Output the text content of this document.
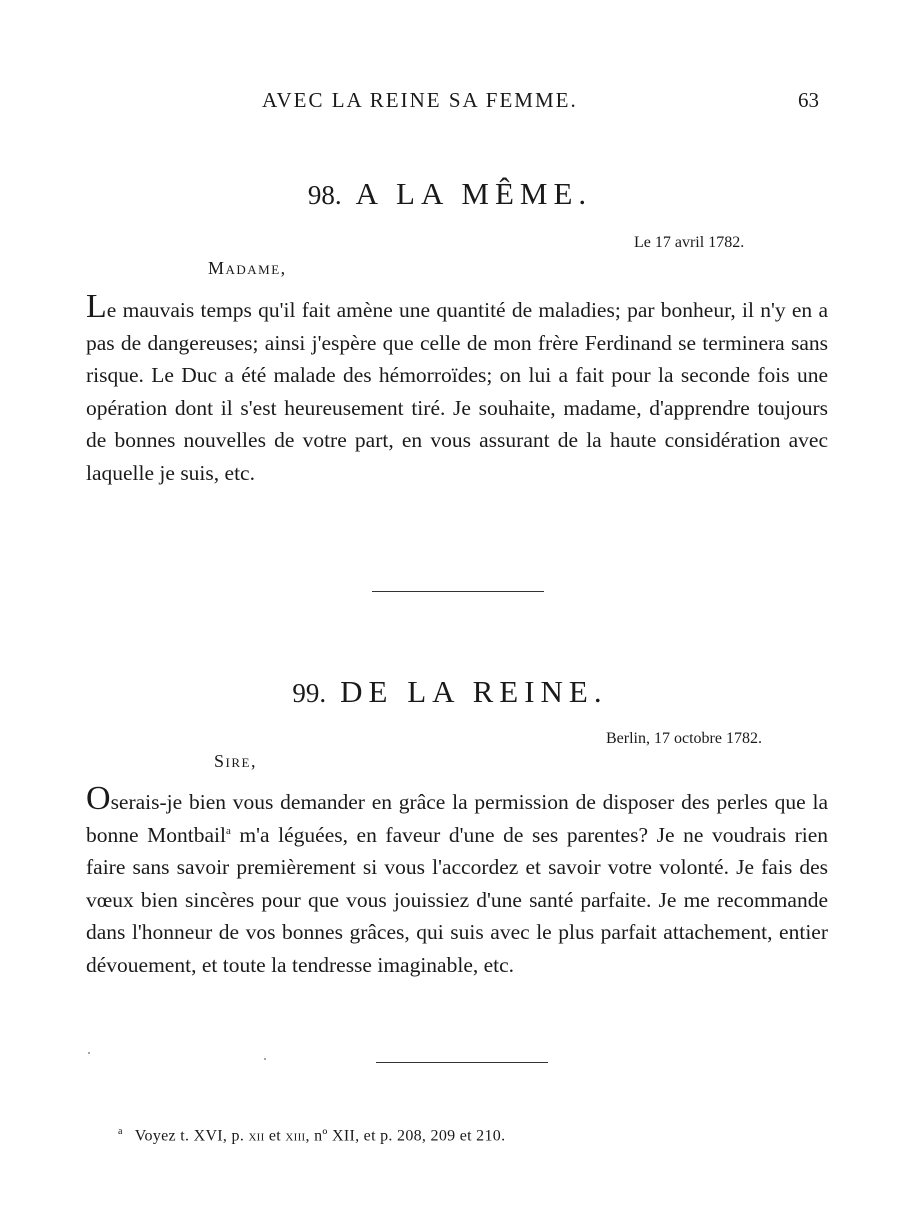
AVEC LA REINE SA FEMME.	63
98. A LA MÊME.
Le 17 avril 1782.
Madame,

Le mauvais temps qu'il fait amène une quantité de maladies; par bonheur, il n'y en a pas de dangereuses; ainsi j'espère que celle de mon frère Ferdinand se terminera sans risque. Le Duc a été malade des hémorroïdes; on lui a fait pour la seconde fois une opération dont il s'est heureusement tiré. Je souhaite, madame, d'apprendre toujours de bonnes nouvelles de votre part, en vous assurant de la haute considération avec laquelle je suis, etc.

99. DE LA REINE.
Berlin, 17 octobre 1782.
Sire,

Oserais-je bien vous demander en grâce la permission de disposer des perles que la bonne Montbail$^a$ m'a léguées, en faveur d'une de ses parentes? Je ne voudrais rien faire sans savoir premièrement si vous l'accordez et savoir votre volonté. Je fais des vœux bien sincères pour que vous jouissiez d'une santé parfaite. Je me recommande dans l'honneur de vos bonnes grâces, qui suis avec le plus parfait attachement, entier dévouement, et toute la tendresse imaginable, etc.

$^a$ Voyez t. XVI, p. xii et xiii, nº XII, et p. 208, 209 et 210.
